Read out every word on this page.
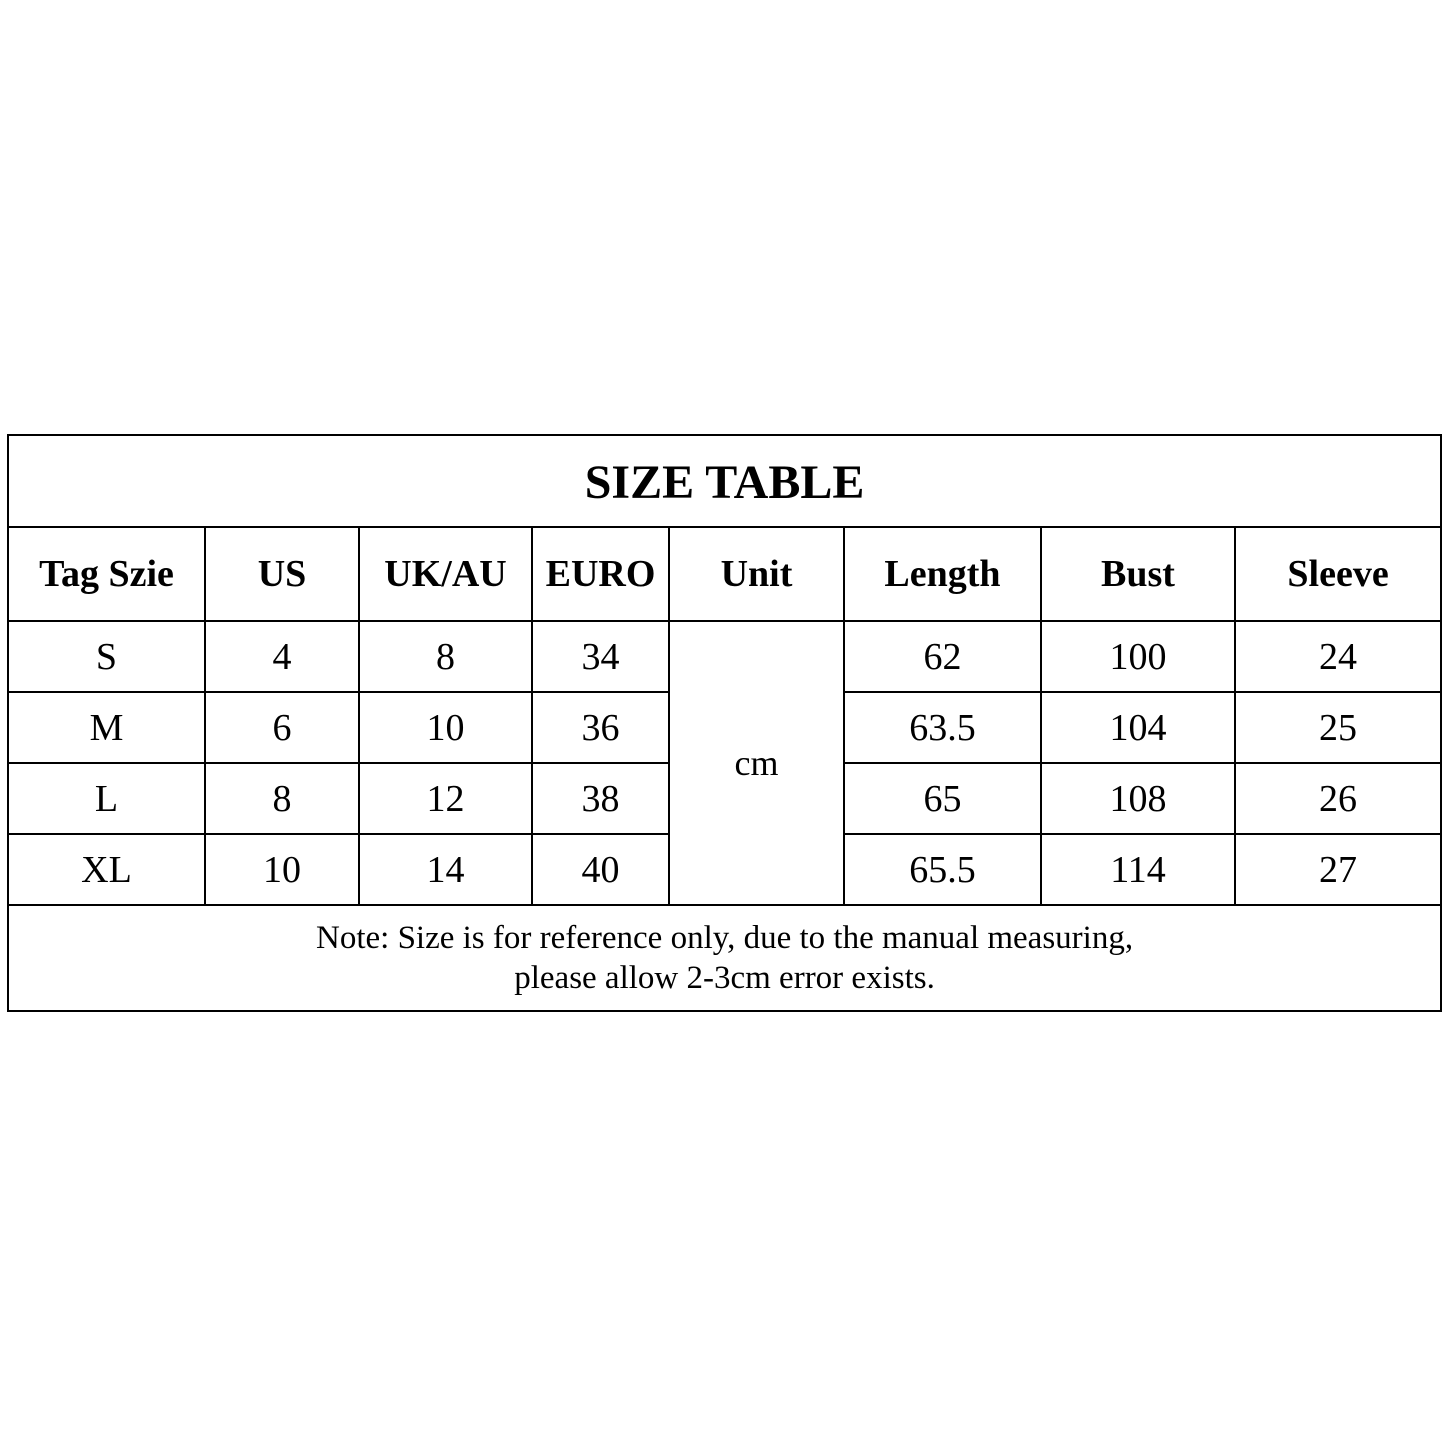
SIZE TABLE							
Tag Szie	US	UK/AU	EURO	Unit	Length	Bust	Sleeve
S	4	8	34	cm	62	100	24
M	6	10	36		63.5	104	25
L	8	12	38		65	108	26
XL	10	14	40		65.5	114	27

Note: Size is for reference only, due to the manual measuring,
please allow 2-3cm error exists.							
